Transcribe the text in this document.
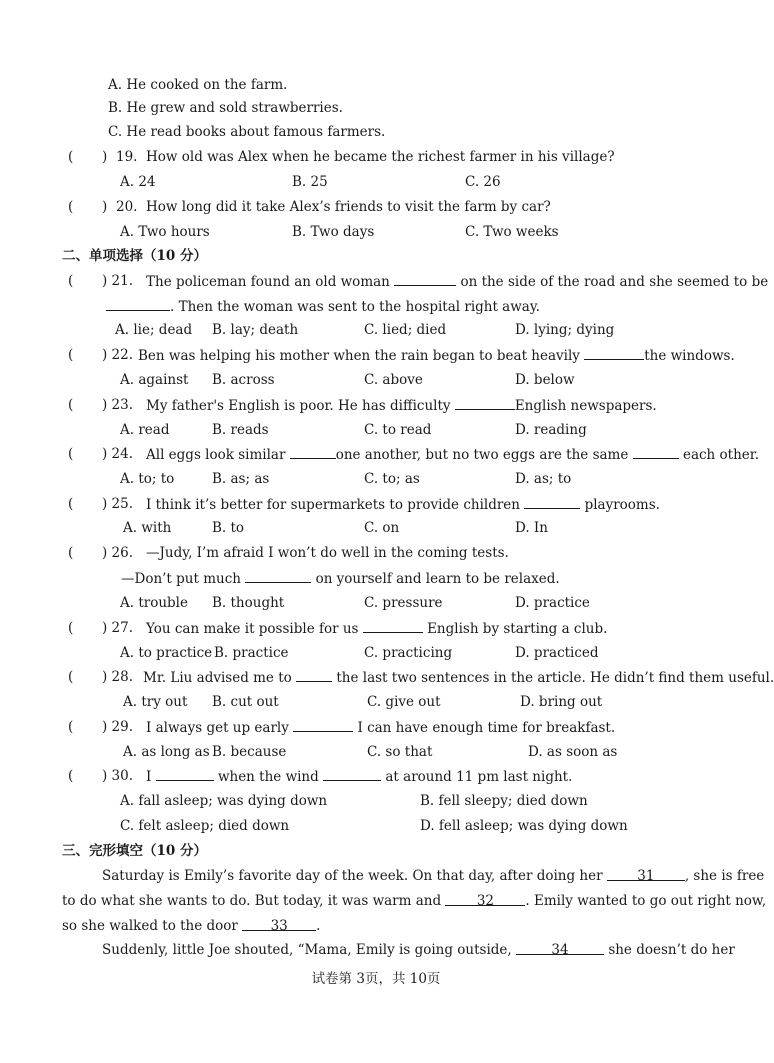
A. He cooked on the farm.
B. He grew and sold strawberries.
C. He read books about famous farmers.
( ) 19. How old was Alex when he became the richest farmer in his village?
A. 24	B. 25	C. 26
( ) 20. How long did it take Alex’s friends to visit the farm by car?
A. Two hours	B. Two days	C. Two weeks
二、单项选择（10 分）
( ) 21. The policeman found an old woman	on the side of the road and she seemed to be
. Then the woman was sent to the hospital right away.
A. lie; dead B. lay; death	C. lied; died	D. lying; dying
( ) 22. Ben was helping his mother when the rain began to beat heavily	the windows.
A. against B. across	C. above	D. below
( ) 23. My father's English is poor. He has difficulty	English newspapers.
A. read	B. reads	C. to read	D. reading
( ) 24. All eggs look similar	one another, but no two eggs are the same	each other.
A. to; to	B. as; as	C. to; as	D. as; to
( ) 25. I think it’s better for supermarkets to provide children	playrooms.
A. with	B. to	C. on	D. In
( ) 26. —Judy, I’m afraid I won’t do well in the coming tests.
—Don’t put much	on yourself and learn to be relaxed.
A. trouble B. thought	C. pressure	D. practice
( ) 27. You can make it possible for us	English by starting a club.
A. to practice B. practice	C. practicing	D. practiced
( ) 28. Mr. Liu advised me to	the last two sentences in the article. He didn’t find them useful.
A. try out B. cut out	C. give out	D. bring out
( ) 29. I always get up early	I can have enough time for breakfast.
A. as long as B. because	C. so that	D. as soon as
( ) 30. I	when the wind	at around 11 pm last night.
A. fall asleep; was dying down	B. fell sleepy; died down
C. felt asleep; died down	D. fell asleep; was dying down
三、完形填空（10 分）
Saturday is Emily’s favorite day of the week. On that day, after doing her	31 , she is free
to do what she wants to do. But today, it was warm and	32 . Emily wanted to go out right now,
so she walked to the door 33 .
Suddenly, little Joe shouted, “Mama, Emily is going outside,	34	she doesn’t do her
试卷第 3页，共 10页
